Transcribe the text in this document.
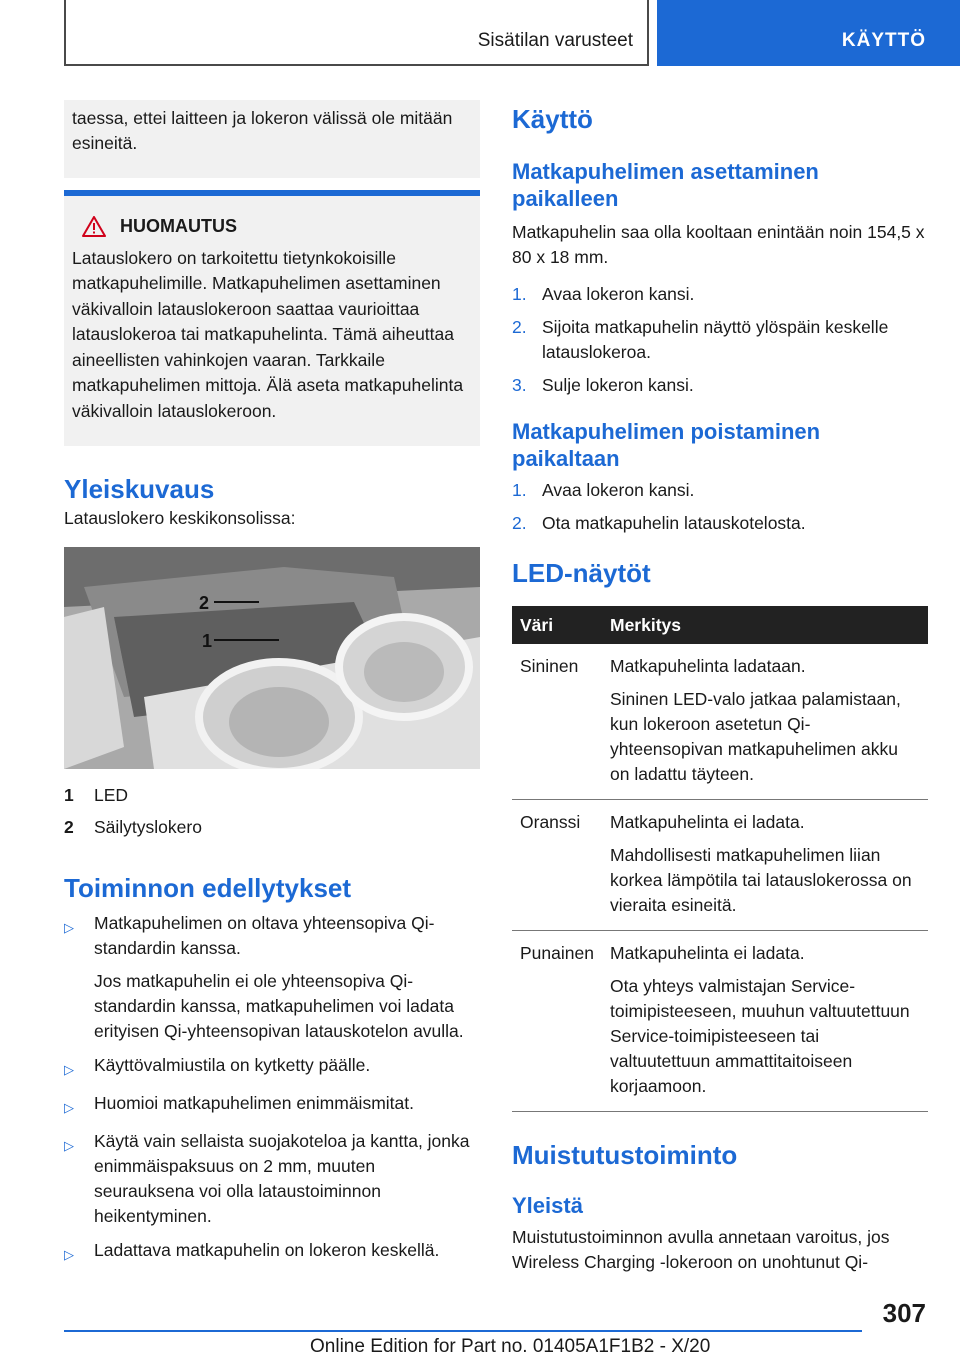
Sisätilan varusteet	KÄYTTÖ

taessa, ettei laitteen ja lokeron välissä ole mitään esineitä.

HUOMAUTUS

Latauslokero on tarkoitettu tietynkokoisille matkapuhelimille. Matkapuhelimen asettaminen väkivalloin latauslokeroon saattaa vaurioittaa latauslokeroa tai matkapuhelinta. Tämä aiheuttaa aineellisten vahinkojen vaaran. Tarkkaile matkapuhelimen mittoja. Älä aseta matkapuhelinta väkivalloin latauslokeroon.

Yleiskuvaus

Latauslokero keskikonsolissa:

2
1
1	LED
2	Säilytyslokero
Toiminnon edellytykset
▷	Matkapuhelimen on oltava yhteensopiva Qi-standardin kanssa.

Jos matkapuhelin ei ole yhteensopiva Qi-standardin kanssa, matkapuhelimen voi ladata erityisen Qi-yhteensopivan latauskotelon avulla.

▷	Käyttövalmiustila on kytketty päälle.

▷	Huomioi matkapuhelimen enimmäismitat.

▷	Käytä vain sellaista suojakoteloa ja kantta, jonka enimmäispaksuus on 2 mm, muuten seurauksena voi olla lataustoiminnon heikentyminen.

▷	Ladattava matkapuhelin on lokeron keskellä.

Käyttö
Matkapuhelimen asettaminen paikalleen

Matkapuhelin saa olla kooltaan enintään noin 154,5 x 80 x 18 mm.

1. Avaa lokeron kansi.

2. Sijoita matkapuhelin näyttö ylöspäin keskelle latauslokeroa.

3. Sulje lokeron kansi.

Matkapuhelimen poistaminen paikaltaan
1. Avaa lokeron kansi.

2. Ota matkapuhelin latauskotelosta.

LED-näytöt
Väri	Merkitys
Sininen	Matkapuhelinta ladataan.

Sininen LED-valo jatkaa palamistaan, kun lokeroon asetetun Qi-yhteensopivan matkapuhelimen akku on ladattu täyteen.

Oranssi	Matkapuhelinta ei ladata.

Mahdollisesti matkapuhelimen liian korkea lämpötila tai latauslokerossa on vieraita esineitä.

Punainen	Matkapuhelinta ei ladata.

Ota yhteys valmistajan Service-toimipisteeseen, muuhun valtuutettuun Service-toimipisteeseen tai valtuutettuun ammattitaitoiseen korjaamoon.

Muistutustoiminto
Yleistä

Muistutustoiminnon avulla annetaan varoitus, jos Wireless Charging -lokeroon on unohtunut Qi-

307
Online Edition for Part no. 01405A1F1B2 - X/20
